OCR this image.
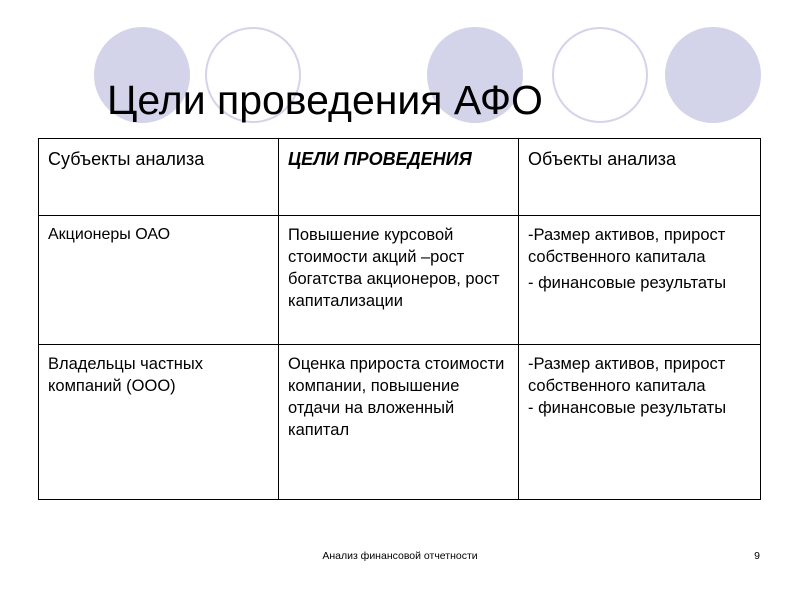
Цели проведения АФО
Субъекты анализа	ЦЕЛИ ПРОВЕДЕНИЯ	Объекты анализа
Акционеры ОАО	Повышение курсовой стоимости акций –рост богатства акционеров, рост капитализации	-Размер активов, прирост собственного капитала
- финансовые результаты

Владельцы частных компаний (ООО)	Оценка прироста стоимости компании, повышение отдачи на вложенный капитал	-Размер активов, прирост собственного капитала
- финансовые результаты
Анализ финансовой отчетности	9
